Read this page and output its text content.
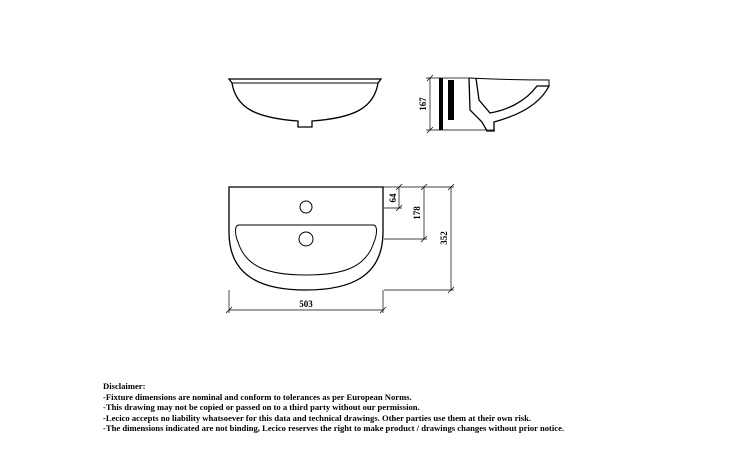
503
167
64
178
352
Disclaimer:
-Fixture dimensions are nominal and conform to tolerances as per European Norms.
-This drawing may not be copied or passed on to a third party without our permission.
-Lecico accepts no liability whatsoever for this data and technical drawings. Other parties use them at their own risk.
-The dimensions indicated are not binding, Lecico reserves the right to make product / drawings changes without prior notice.
